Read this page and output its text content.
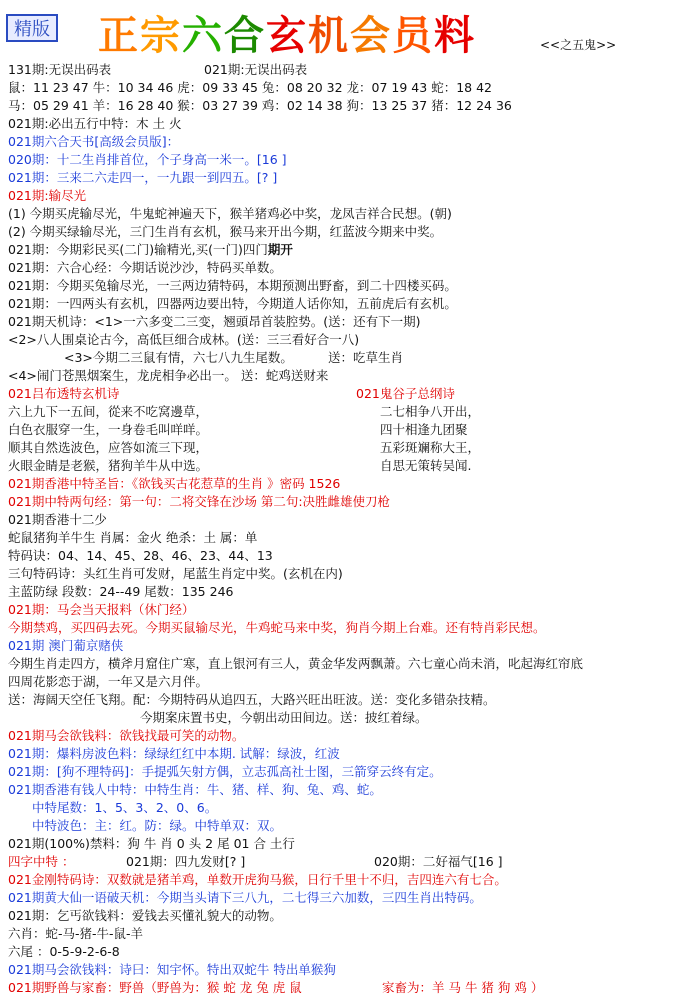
精版 正宗六合玄机会员料	<<之五鬼>>
131期:无误出码表	021期:无误出码表
鼠：11 23 47 牛：10 34 46 虎：09 33 45 兔：08 20 32 龙：07 19 43 蛇：18 42
马：05 29 41 羊：16 28 40 猴：03 27 39 鸡：02 14 38 狗：13 25 37 猪：12 24 36
021期:必出五行中特：木 土 火
021期六合天书[高级会员版]：
020期：十二生肖排首位，个子身高一米一。[16 ]
021期：三来二六走四一，一九跟一到四五。[? ]
021期:输尽光
(1) 今期买虎输尽光，牛鬼蛇神遍天下，猴羊猪鸡必中奖，龙凤吉祥合民想。(朝)
(2) 今期买绿输尽光，三门生肖有玄机，猴马来开出今期，红蓝波今期来中奖。
021期：今期彩民买(二门)输精光,买(一门)四门期开
021期：六合心经：今期话说沙沙，特码买单数。
021期：今期买兔输尽光，一三两边猜特码，本期预测出野畜，到二十四楼买码。
021期：一四两头有玄机，四器两边要出特，今期道人话你知，五前虎后有玄机。
021期天机诗：<1>一六多变二三变，翘頭昂首装腔势。(送：还有下一期)
<2>八人围桌论古今，高低巨细合成林。(送：三三看好合一八)
<3>今期二三鼠有情，六七八九生尾数。	送：吃草生肖
<4>闹门苍黑烟案生，龙虎相争必出一。 送：蛇鸡送财来
021吕布透特玄机诗	021鬼谷子总纲诗
六上九下一五间，從来不吃窝邊草，	二七相争八开出，
白色衣服穿一生，一身卷毛叫咩咩。	四十相逢九团聚
顺其自然选波色，应答如流三下现，	五彩斑斓称大王，
火眼金睛是老猴，猪狗羊牛从中选。	自思无策转吴闻.
021期香港中特圣旨：《欲钱买古花惹草的生肖 》密码 1526
021期中特两句经：第一句：二将交锋在沙场 第二句:决胜雌雄使刀枪
021期香港十二少
蛇鼠猪狗羊牛生 肖属：金火 绝杀：土 属：单
特码诀：04、14、45、28、46、23、44、13
三句特码诗：头红生肖可发财，尾蓝生肖定中奖。(玄机在内)
主蓝防绿 段数：24--49 尾数：135 246
021期：马会当天报料（休门经）
今期禁鸡，买四码去死。今期买鼠输尽光，牛鸡蛇马来中奖，狗肖今期上台难。还有特肖彩民想。
021期 澳门葡京赌侠
今期生肖走四方，横斧月窟住广寒，直上银河有三人，黄金华发两飘萧。六七童心尚未消，叱起海红帘底
四周花影恋于湖，一年又是六月伴。
送：海阔天空任飞翔。配：今期特码从追四五，大路兴旺出旺波。送：变化多错杂技精。
今期案床置书史，今朝出动田间边。送：披红着绿。
021期马会欲钱料：欲钱找最可笑的动物。
021期：爆料房波色料：绿绿红红中本期. 试解：绿波，红波
021期：[狗不理特码]：手提弧矢射方偶，立志孤高社士图，三箭穿云终有定。
021期香港有钱人中特：中特生肖：牛、猪、样、狗、兔、鸡、蛇。
中特尾数：1、5、3、2、0、6。
中特波色：主：红。防：绿。中特单双：双。
021期(100%)禁料：狗 牛 肖 0 头 2 尾 01 合 土行
四字中特 ：	021期：四九发财[? ]	020期：二好福气[16 ]
021金刚特码诗：双数就是猪羊鸡，单数开虎狗马猴，日行千里十不归，吉四连六有七合。
021期黄大仙一语破天机：今期当头请下三八九，二七得三六加数，三四生肖出特码。
021期：乞丐欲钱料：爱钱去买懂礼貌大的动物。
六肖：蛇-马-猪-牛-鼠-羊
六尾 ：0-5-9-2-6-8
021期马会欲钱料：诗曰：知宇怀。特出双蛇牛 特出单猴狗
021期野兽与家畜：野兽（野兽为：猴 蛇 龙 兔 虎 鼠	家畜为：羊 马 牛 猪 狗 鸡 ）
